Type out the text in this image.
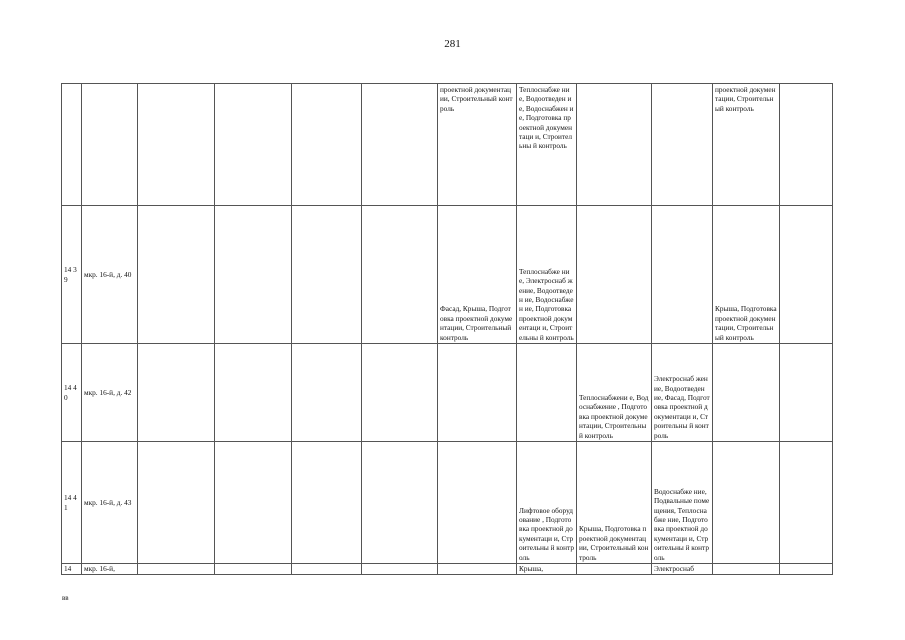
281
						проектной документации, Строительный контроль	Теплоснабже ние, Водоотведен ие, Водоснабжен ие, Подготовка проектной документаци и, Строительны й контроль			проектной документации, Строительный контроль	
14 39	мкр. 16-й, д. 40					Фасад, Крыша, Подготовка проектной документации, Строительный контроль	Теплоснабже ние, Электроснаб жение, Водоотведен ие, Водоснабжен ие, Подготовка проектной документаци и, Строительны й контроль			Крыша, Подготовка проектной документации, Строительный контроль	
14 40	мкр. 16-й, д. 42							Теплоснабжени е, Водоснабжение , Подготовка проектной документации, Строительный контроль	Электроснаб жение, Водоотведен ие, Фасад, Подготовка проектной документаци и, Строительны й контроль		
14 41	мкр. 16-й, д. 43						Лифтовое оборудование , Подготовка проектной документаци и, Строительны й контроль	Крыша, Подготовка проектной документации, Строительный контроль	Водоснабже ние, Подвальные помещения, Теплоснабже ние, Подготовка проектной документаци и, Строительны й контроль		
14	мкр. 16-й,						Крыша,		Электроснаб		
вв
